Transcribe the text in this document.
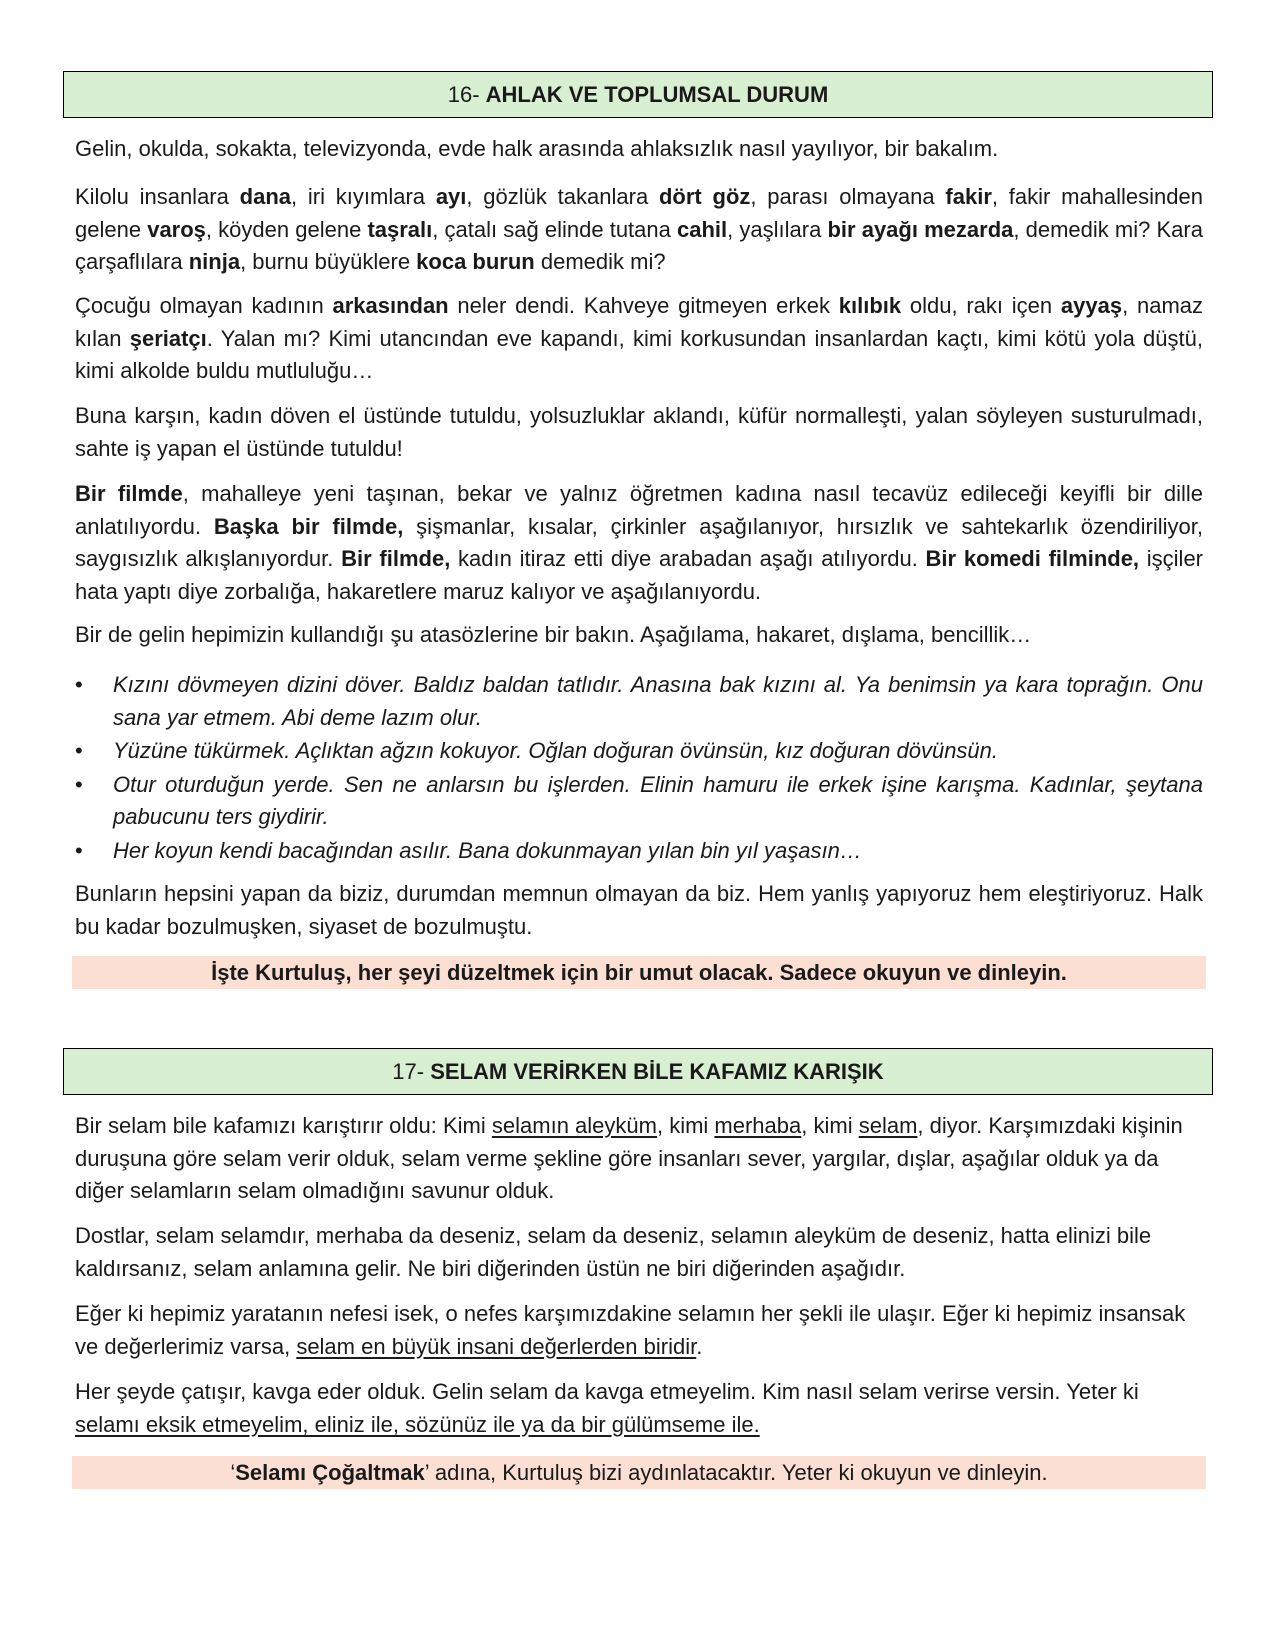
16- AHLAK VE TOPLUMSAL DURUM

Gelin, okulda, sokakta, televizyonda, evde halk arasında ahlaksızlık nasıl yayılıyor, bir bakalım.

Kilolu insanlara dana, iri kıyımlara ayı, gözlük takanlara dört göz, parası olmayana fakir, fakir mahallesinden gelene varoş, köyden gelene taşralı, çatalı sağ elinde tutana cahil, yaşlılara bir ayağı mezarda, demedik mi? Kara çarşaflılara ninja, burnu büyüklere koca burun demedik mi?

Çocuğu olmayan kadının arkasından neler dendi. Kahveye gitmeyen erkek kılıbık oldu, rakı içen ayyaş, namaz kılan şeriatçı. Yalan mı? Kimi utancından eve kapandı, kimi korkusundan insanlardan kaçtı, kimi kötü yola düştü, kimi alkolde buldu mutluluğu…

Buna karşın, kadın döven el üstünde tutuldu, yolsuzluklar aklandı, küfür normalleşti, yalan söyleyen susturulmadı, sahte iş yapan el üstünde tutuldu!

Bir filmde, mahalleye yeni taşınan, bekar ve yalnız öğretmen kadına nasıl tecavüz edileceği keyifli bir dille anlatılıyordu. Başka bir filmde, şişmanlar, kısalar, çirkinler aşağılanıyor, hırsızlık ve sahtekarlık özendiriliyor, saygısızlık alkışlanıyordur. Bir filmde, kadın itiraz etti diye arabadan aşağı atılıyordu. Bir komedi filminde, işçiler hata yaptı diye zorbalığa, hakaretlere maruz kalıyor ve aşağılanıyordu.

Bir de gelin hepimizin kullandığı şu atasözlerine bir bakın. Aşağılama, hakaret, dışlama, bencillik…

• Kızını dövmeyen dizini döver. Baldız baldan tatlıdır. Anasına bak kızını al. Ya benimsin ya kara toprağın. Onu sana yar etmem. Abi deme lazım olur.
• Yüzüne tükürmek. Açlıktan ağzın kokuyor. Oğlan doğuran övünsün, kız doğuran dövünsün.
• Otur oturduğun yerde. Sen ne anlarsın bu işlerden. Elinin hamuru ile erkek işine karışma. Kadınlar, şeytana pabucunu ters giydirir.
• Her koyun kendi bacağından asılır. Bana dokunmayan yılan bin yıl yaşasın…

Bunların hepsini yapan da biziz, durumdan memnun olmayan da biz. Hem yanlış yapıyoruz hem eleştiriyoruz. Halk bu kadar bozulmuşken, siyaset de bozulmuştu.

İşte Kurtuluş, her şeyi düzeltmek için bir umut olacak. Sadece okuyun ve dinleyin.
17- SELAM VERİRKEN BİLE KAFAMIZ KARIŞIK

Bir selam bile kafamızı karıştırır oldu: Kimi selamın aleyküm, kimi merhaba, kimi selam, diyor. Karşımızdaki kişinin duruşuna göre selam verir olduk, selam verme şekline göre insanları sever, yargılar, dışlar, aşağılar olduk ya da diğer selamların selam olmadığını savunur olduk.

Dostlar, selam selamdır, merhaba da deseniz, selam da deseniz, selamın aleyküm de deseniz, hatta elinizi bile kaldırsanız, selam anlamına gelir. Ne biri diğerinden üstün ne biri diğerinden aşağıdır.

Eğer ki hepimiz yaratanın nefesi isek, o nefes karşımızdakine selamın her şekli ile ulaşır. Eğer ki hepimiz insansak ve değerlerimiz varsa, selam en büyük insani değerlerden biridir.

Her şeyde çatışır, kavga eder olduk. Gelin selam da kavga etmeyelim. Kim nasıl selam verirse versin. Yeter ki selamı eksik etmeyelim, eliniz ile, sözünüz ile ya da bir gülümseme ile.

‘Selamı Çoğaltmak’ adına, Kurtuluş bizi aydınlatacaktır. Yeter ki okuyun ve dinleyin.
